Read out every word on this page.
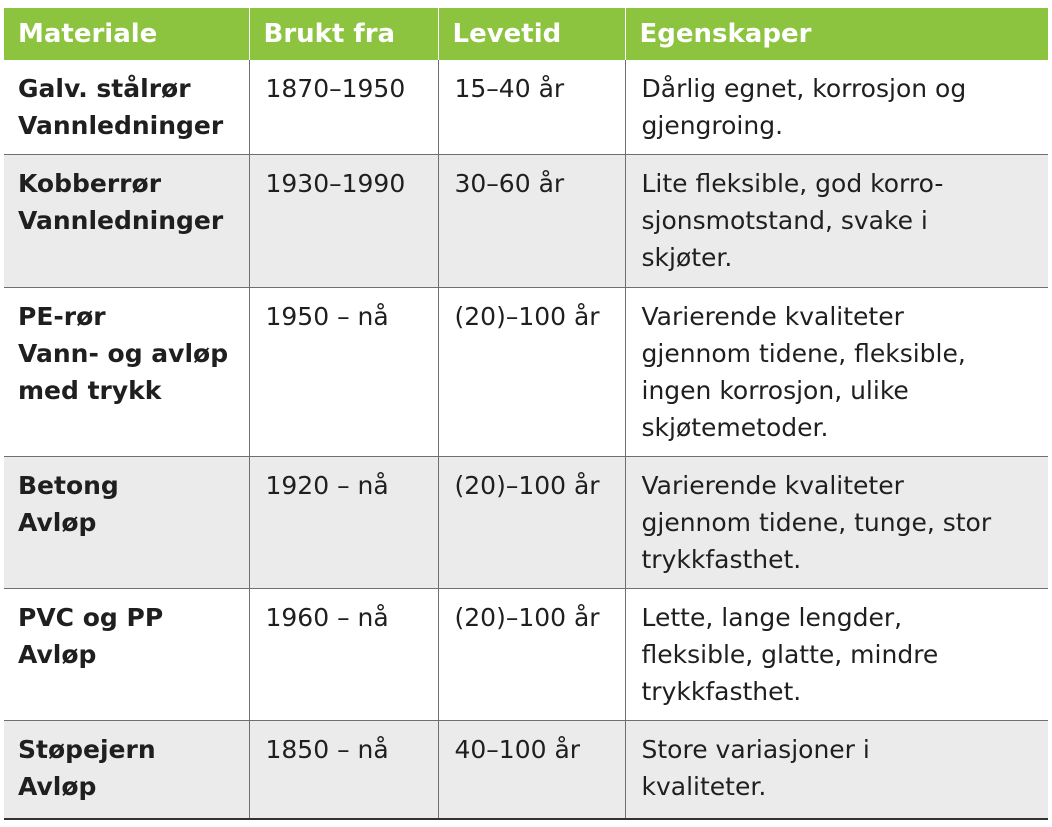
Materiale	Brukt fra	Levetid	Egenskaper

Galv. stålrør
Vannledninger	1870–1950	15–40 år	Dårlig egnet, korrosjon og
gjengroing.

Kobberrør
Vannledninger	1930–1990	30–60 år	Lite fleksible, god korro-
sjonsmotstand, svake i
skjøter.

PE-rør
Vann- og avløp
med trykk	1950 – nå	(20)–100 år	Varierende kvaliteter
gjennom tidene, fleksible,
ingen korrosjon, ulike
skjøtemetoder.

Betong
Avløp	1920 – nå	(20)–100 år	Varierende kvaliteter
gjennom tidene, tunge, stor
trykkfasthet.

PVC og PP
Avløp	1960 – nå	(20)–100 år	Lette, lange lengder,
fleksible, glatte, mindre
trykkfasthet.

Støpejern
Avløp	1850 – nå	40–100 år	Store variasjoner i
kvaliteter.
